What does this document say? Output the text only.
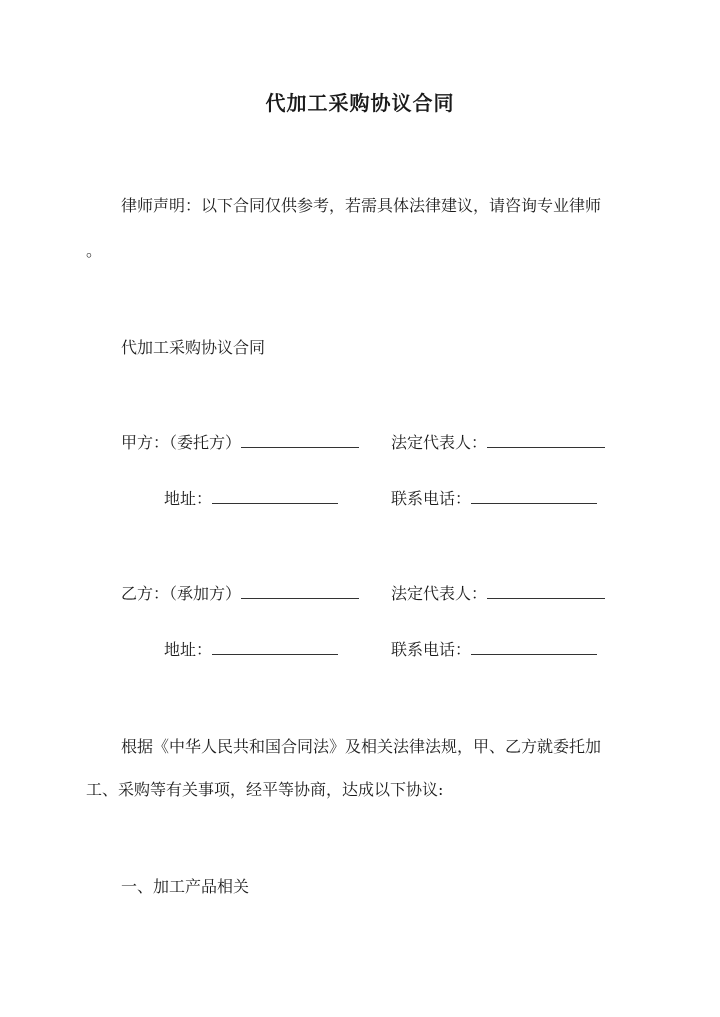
代加工采购协议合同
律师声明：以下合同仅供参考，若需具体法律建议，请咨询专业律师
。
代加工采购协议合同
甲方：（委托方）	法定代表人：
地址：	联系电话：
乙方：（承加方）	法定代表人：
地址：	联系电话：
根据《中华人民共和国合同法》及相关法律法规，甲、乙方就委托加
工、采购等有关事项，经平等协商，达成以下协议:
一、加工产品相关
